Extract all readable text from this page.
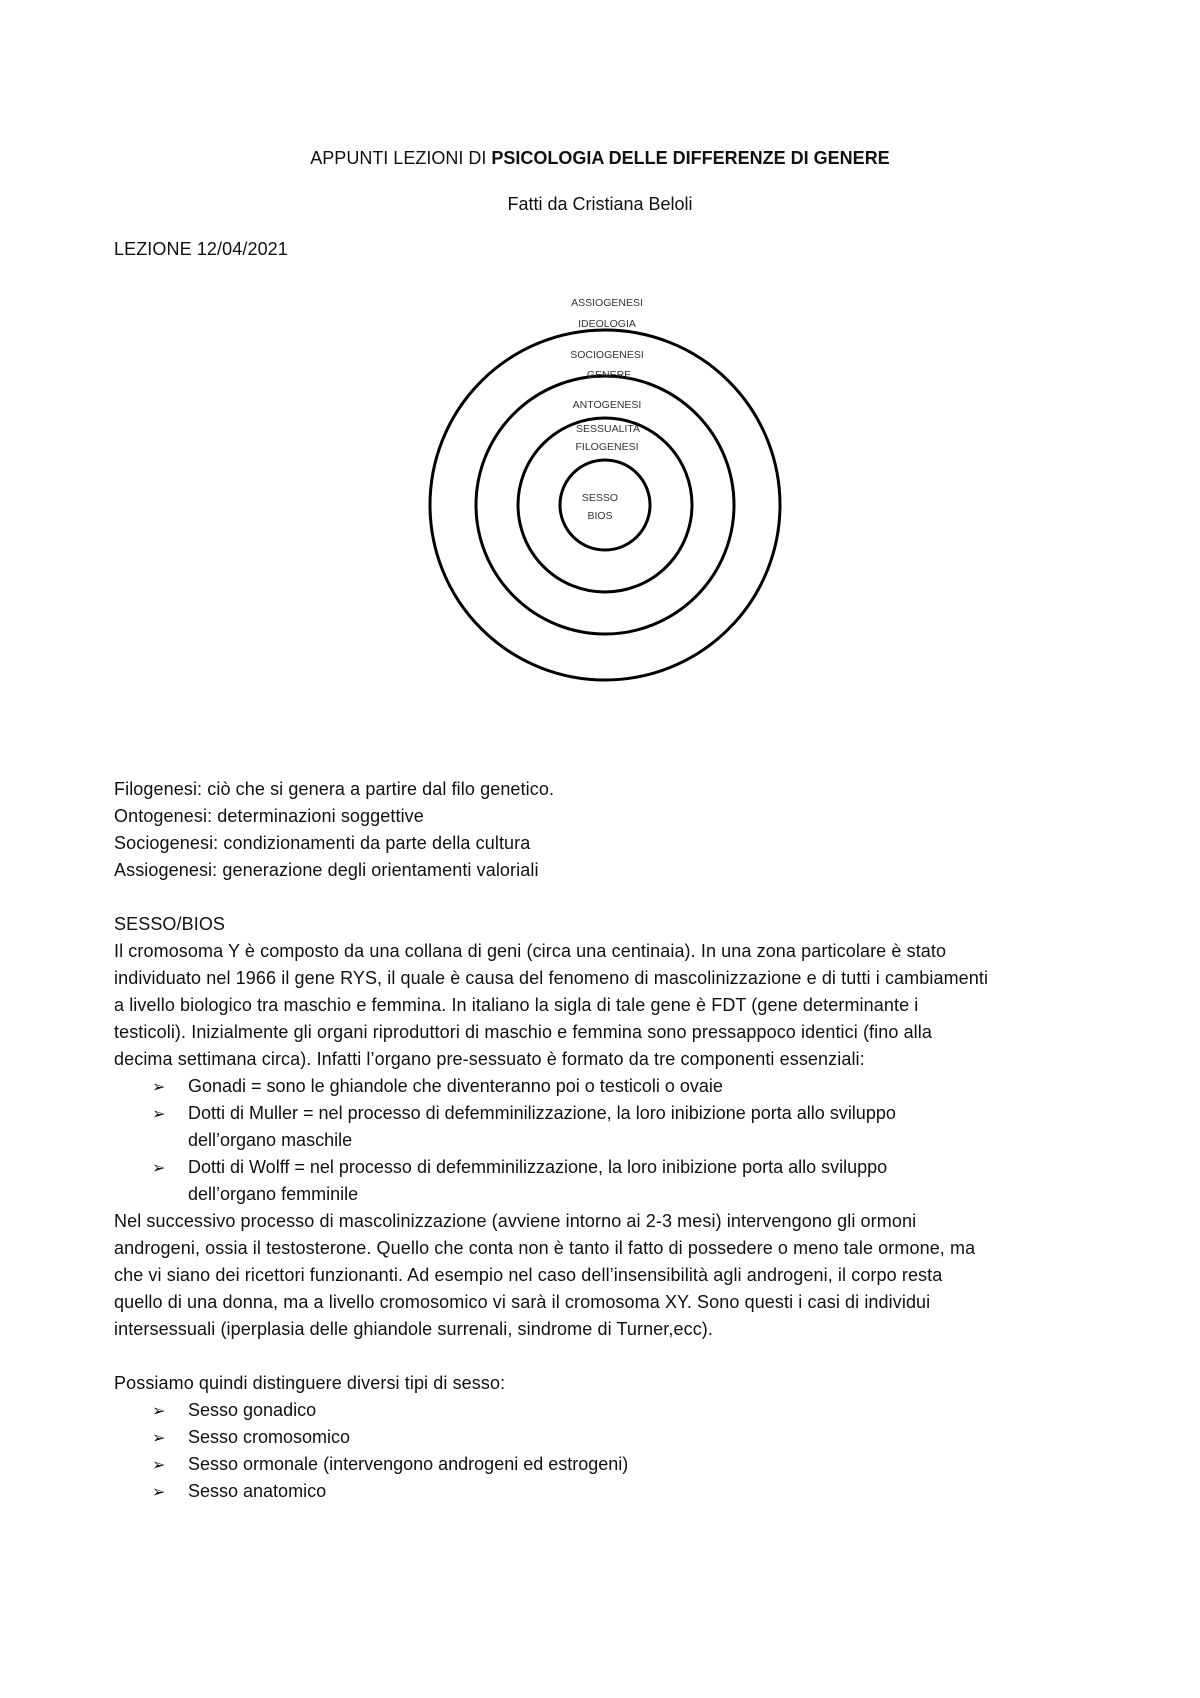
APPUNTI LEZIONI DI PSICOLOGIA DELLE DIFFERENZE DI GENERE
Fatti da Cristiana Beloli
LEZIONE 12/04/2021
ASSIOGENESI
IDEOLOGIA
SOCIOGENESI
GENERE
ANTOGENESI
SESSUALITA'
FILOGENESI
SESSO
BIOS
Filogenesi: ciò che si genera a partire dal filo genetico.
Ontogenesi: determinazioni soggettive
Sociogenesi: condizionamenti da parte della cultura
Assiogenesi: generazione degli orientamenti valoriali
SESSO/BIOS
Il cromosoma Y è composto da una collana di geni (circa una centinaia). In una zona particolare è stato
individuato nel 1966 il gene RYS, il quale è causa del fenomeno di mascolinizzazione e di tutti i cambiamenti
a livello biologico tra maschio e femmina. In italiano la sigla di tale gene è FDT (gene determinante i
testicoli). Inizialmente gli organi riproduttori di maschio e femmina sono pressappoco identici (fino alla
decima settimana circa). Infatti l’organo pre-sessuato è formato da tre componenti essenziali:
➢ Gonadi = sono le ghiandole che diventeranno poi o testicoli o ovaie
➢ Dotti di Muller = nel processo di defemminilizzazione, la loro inibizione porta allo sviluppo
dell’organo maschile
➢ Dotti di Wolff = nel processo di defemminilizzazione, la loro inibizione porta allo sviluppo
dell’organo femminile
Nel successivo processo di mascolinizzazione (avviene intorno ai 2-3 mesi) intervengono gli ormoni
androgeni, ossia il testosterone. Quello che conta non è tanto il fatto di possedere o meno tale ormone, ma
che vi siano dei ricettori funzionanti. Ad esempio nel caso dell’insensibilità agli androgeni, il corpo resta
quello di una donna, ma a livello cromosomico vi sarà il cromosoma XY. Sono questi i casi di individui
intersessuali (iperplasia delle ghiandole surrenali, sindrome di Turner,ecc).
Possiamo quindi distinguere diversi tipi di sesso:
➢ Sesso gonadico
➢ Sesso cromosomico
➢ Sesso ormonale (intervengono androgeni ed estrogeni)
➢ Sesso anatomico
